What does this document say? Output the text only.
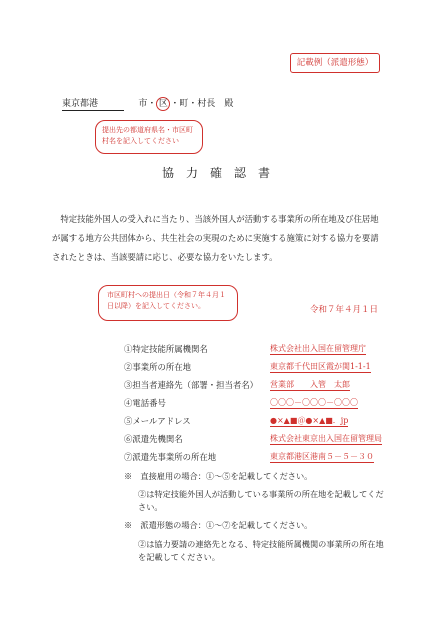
記載例（派遣形態）
東京都港	市・ 区 ・町・村長　殿
提出先の都道府県名・市区町村名を記入してください
協力確認書
特定技能外国人の受入れに当たり、当該外国人が活動する事業所の所在地及び住居地が属する地方公共団体から、共生社会の実現のために実施する施策に対する協力を要請されたときは、当該要請に応じ、必要な協力をいたします。
市区町村への提出日（令和７年４月１日以降）を記入してください。	令和７年４月１日
①特定技能所属機関名	株式会社出入国在留管理庁
②事業所の所在地	東京都千代田区霞が関1-1-1
③担当者連絡先（部署・担当者名） 営業部　　入管　太郎
④電話番号	〇〇〇－〇〇〇－〇〇〇
⑤メールアドレス	●×▲■＠●×▲■．jp
⑥派遣先機関名	株式会社東京出入国在留管理局
⑦派遣先事業所の所在地	東京都港区港南５－５－３０
※　直接雇用の場合：①～⑤を記載してください。
②は特定技能外国人が活動している事業所の所在地を記載してください。
※　派遣形態の場合：①～⑦を記載してください。
②は協力要請の連絡先となる、特定技能所属機関の事業所の所在地を記載してください。
